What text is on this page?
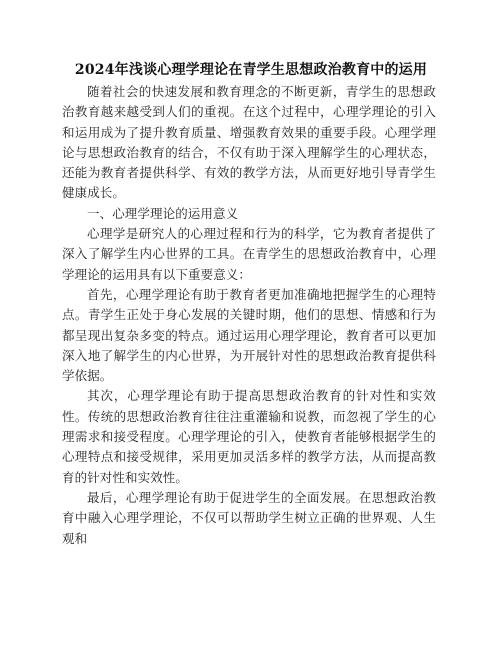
2024年浅谈心理学理论在青学生思想政治教育中的运用

随着社会的快速发展和教育理念的不断更新，青学生的思想政治教育越来越受到人们的重视。在这个过程中，心理学理论的引入和运用成为了提升教育质量、增强教育效果的重要手段。心理学理论与思想政治教育的结合，不仅有助于深入理解学生的心理状态，还能为教育者提供科学、有效的教学方法，从而更好地引导青学生健康成长。

一、心理学理论的运用意义

心理学是研究人的心理过程和行为的科学，它为教育者提供了深入了解学生内心世界的工具。在青学生的思想政治教育中，心理学理论的运用具有以下重要意义：

首先，心理学理论有助于教育者更加准确地把握学生的心理特点。青学生正处于身心发展的关键时期，他们的思想、情感和行为都呈现出复杂多变的特点。通过运用心理学理论，教育者可以更加深入地了解学生的内心世界，为开展针对性的思想政治教育提供科学依据。

其次，心理学理论有助于提高思想政治教育的针对性和实效性。传统的思想政治教育往往注重灌输和说教，而忽视了学生的心理需求和接受程度。心理学理论的引入，使教育者能够根据学生的心理特点和接受规律，采用更加灵活多样的教学方法，从而提高教育的针对性和实效性。

最后，心理学理论有助于促进学生的全面发展。在思想政治教育中融入心理学理论，不仅可以帮助学生树立正确的世界观、人生观和
